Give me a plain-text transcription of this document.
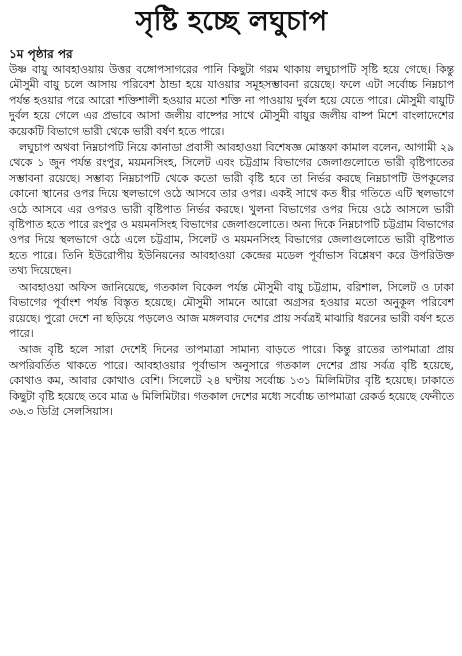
সৃষ্টি হচ্ছে লঘুচাপ

১ম পৃষ্ঠার পর

উষ্ণ বায়ু আবহাওয়ায় উত্তর বঙ্গোপসাগরের পানি কিছুটা গরম থাকায় লঘুচাপটি সৃষ্টি হয়ে গেছে। কিন্তু মৌসুমী বায়ু চলে আসায় পরিবেশ ঠান্ডা হয়ে যাওয়ার সমূহসম্ভাবনা রয়েছে। ফলে এটা সর্বোচ্চ নিম্নচাপ পর্যন্ত হওয়ার পরে আরো শক্তিশালী হওয়ার মতো শক্তি না পাওয়ায় দুর্বল হয়ে যেতে পারে। মৌসুমী বায়ুটি দুর্বল হয়ে গেলে এর প্রভাবে আসা জলীয় বাষ্পের সাথে মৌসুমী বায়ুর জলীয় বাষ্প মিশে বাংলাদেশের কয়েকটি বিভাগে ভারী থেকে ভারী বর্ষণ হতে পারে।

লঘুচাপ অথবা নিম্নচাপটি নিয়ে কানাডা প্রবাসী আবহাওয়া বিশেষজ্ঞ মোস্তফা কামাল বলেন, আগামী ২৯ থেকে ১ জুন পর্যন্ত রংপুর, ময়মনসিংহ, সিলেট এবং চট্টগ্রাম বিভাগের জেলাগুলোতে ভারী বৃষ্টিপাতের সম্ভাবনা রয়েছে। সম্ভাব্য নিম্নচাপটি থেকে কতো ভারী বৃষ্টি হবে তা নির্ভর করছে নিম্নচাপটি উপকূলের কোনো স্থানের ওপর দিয়ে স্থলভাগে ওঠে আসবে তার ওপর। একই সাথে কত ধীর গতিতে এটি স্থলভাগে ওঠে আসবে এর ওপরও ভারী বৃষ্টিপাত নির্ভর করছে। খুলনা বিভাগের ওপর দিয়ে ওঠে আসলে ভারী বৃষ্টিপাত হতে পারে রংপুর ও ময়মনসিংহ বিভাগের জেলাগুলোতে। অন্য দিকে নিম্নচাপটি চট্টগ্রাম বিভাগের ওপর দিয়ে স্থলভাগে ওঠে এলে চট্টগ্রাম, সিলেট ও ময়মনসিংহ বিভাগের জেলাগুলোতে ভারী বৃষ্টিপাত হতে পারে। তিনি ইউরোপীয় ইউনিয়নের আবহাওয়া কেন্দ্রের মডেল পূর্বাভাস বিশ্লেষণ করে উপরিউক্ত তথ্য দিয়েছেন।

আবহাওয়া অফিস জানিয়েছে, গতকাল বিকেল পর্যন্ত মৌসুমী বায়ু চট্টগ্রাম, বরিশাল, সিলেট ও ঢাকা বিভাগের পূর্বাংশ পর্যন্ত বিস্তৃত হয়েছে। মৌসুমী সামনে আরো অগ্রসর হওয়ার মতো অনুকূল পরিবেশ রয়েছে। পুরো দেশে না ছড়িয়ে পড়লেও আজ মঙ্গলবার দেশের প্রায় সর্বত্রই মাঝারি ধরনের ভারী বর্ষণ হতে পারে।

আজ বৃষ্টি হলে সারা দেশেই দিনের তাপমাত্রা সামান্য বাড়তে পারে। কিন্তু রাতের তাপমাত্রা প্রায় অপরিবর্তিত থাকতে পারে। আবহাওয়ার পূর্বাভাস অনুসারে গতকাল দেশের প্রায় সর্বত্র বৃষ্টি হয়েছে, কোথাও কম, আবার কোথাও বেশি। সিলেটে ২৪ ঘণ্টায় সর্বোচ্চ ১৩১ মিলিমিটার বৃষ্টি হয়েছে। ঢাকাতে কিছুটা বৃষ্টি হয়েছে তবে মাত্র ৬ মিলিমিটার। গতকাল দেশের মধ্যে সর্বোচ্চ তাপমাত্রা রেকর্ড হয়েছে ফেনীতে ৩৬.৩ ডিগ্রি সেলসিয়াস।
